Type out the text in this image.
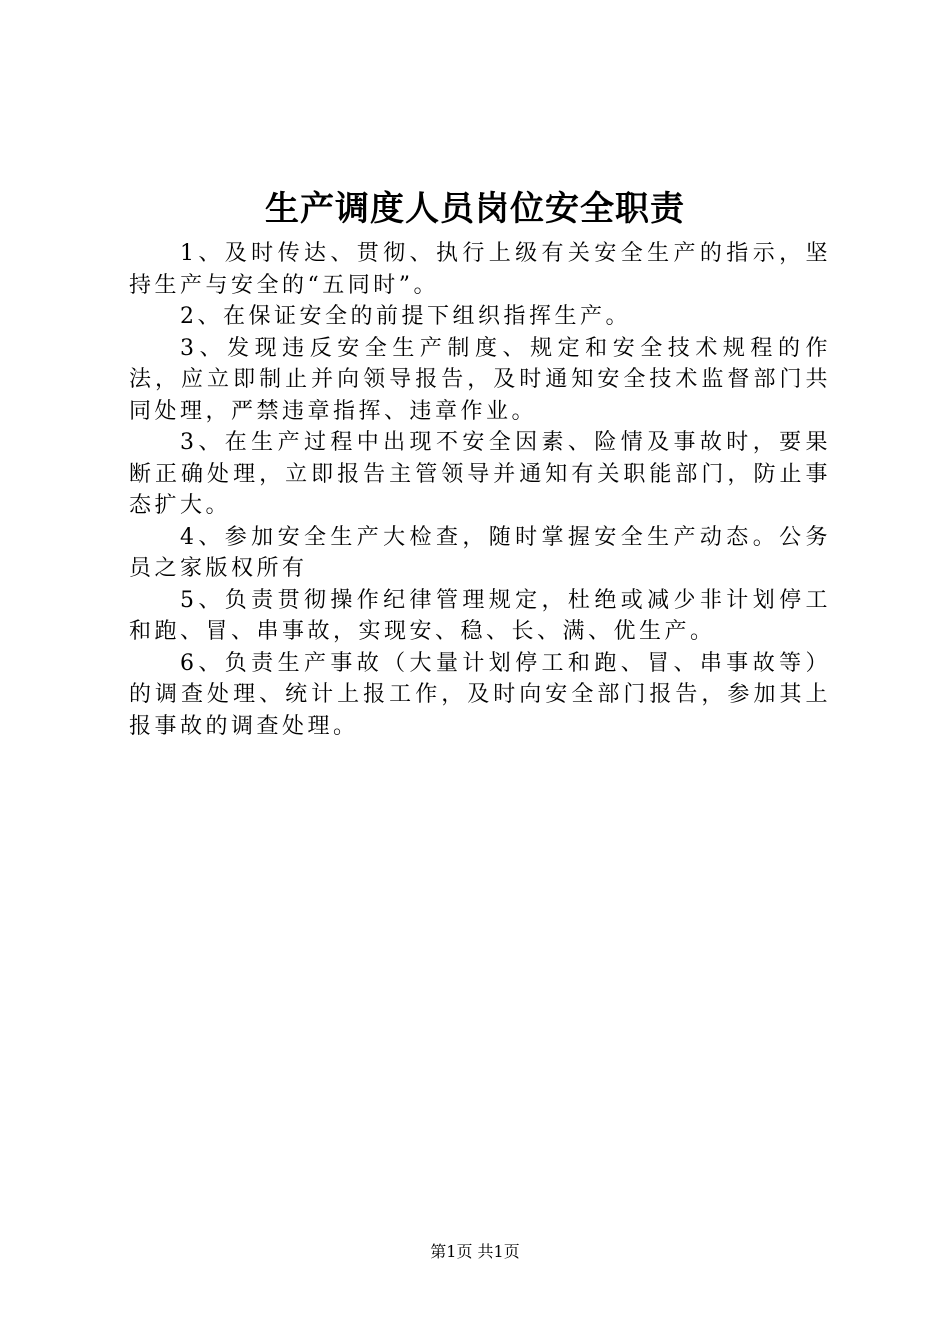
生产调度人员岗位安全职责

1、及时传达、贯彻、执行上级有关安全生产的指示，坚持生产与安全的“五同时”。

2、在保证安全的前提下组织指挥生产。

3、发现违反安全生产制度、规定和安全技术规程的作法，应立即制止并向领导报告，及时通知安全技术监督部门共同处理，严禁违章指挥、违章作业。

3、在生产过程中出现不安全因素、险情及事故时，要果断正确处理，立即报告主管领导并通知有关职能部门，防止事态扩大。

4、参加安全生产大检查，随时掌握安全生产动态。公务员之家版权所有

5、负责贯彻操作纪律管理规定，杜绝或减少非计划停工和跑、冒、串事故，实现安、稳、长、满、优生产。

6、负责生产事故（大量计划停工和跑、冒、串事故等）的调查处理、统计上报工作，及时向安全部门报告，参加其上报事故的调查处理。

第1页 共1页
